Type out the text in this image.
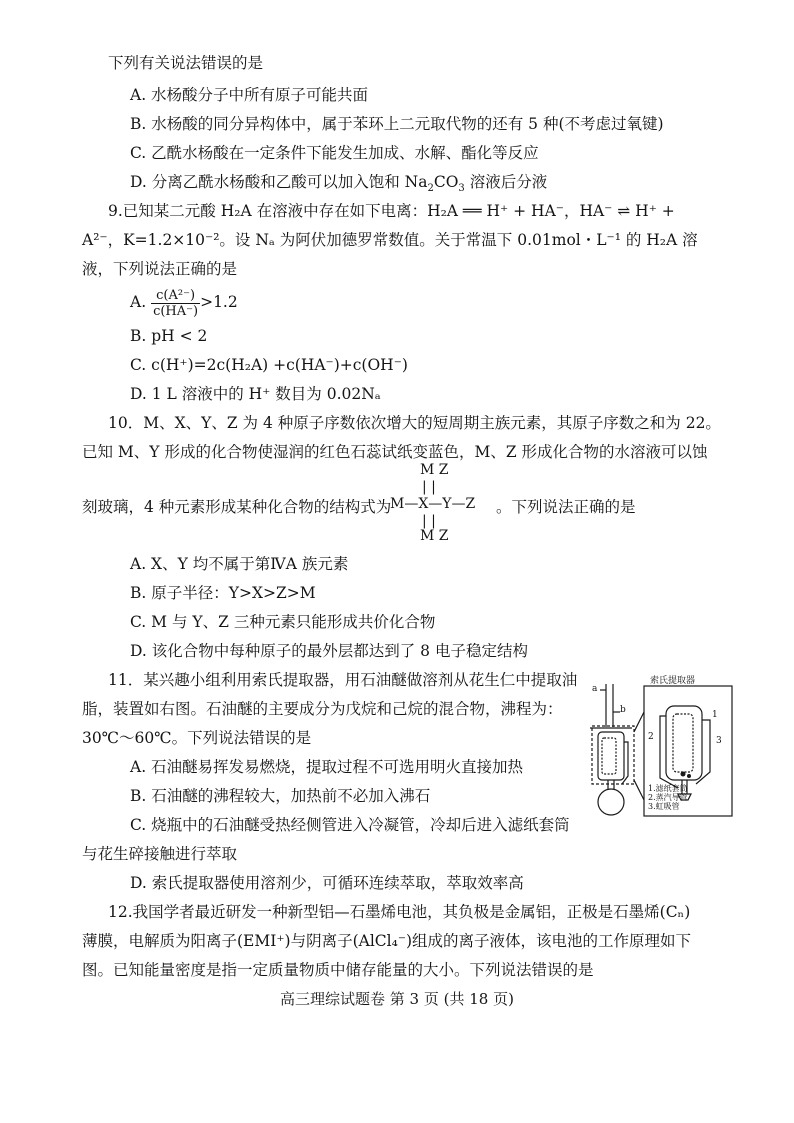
下列有关说法错误的是
A. 水杨酸分子中所有原子可能共面
B. 水杨酸的同分异构体中，属于苯环上二元取代物的还有 5 种(不考虑过氧键)
C. 乙酰水杨酸在一定条件下能发生加成、水解、酯化等反应
D. 分离乙酰水杨酸和乙酸可以加入饱和 $Na_2CO_3$ 溶液后分液
9.已知某二元酸 H₂A 在溶液中存在如下电离：H₂A ══ H⁺ + HA⁻，HA⁻ ⇌ H⁺ +
A²⁻，K=1.2×10⁻²。设 Nₐ 为阿伏加德罗常数值。关于常温下 0.01mol・L⁻¹ 的 H₂A 溶
液，下列说法正确的是
A. $\frac{\text{c(A²⁻)}}{c(HA^-)} >1.2$
B. pH < 2
C. c(H⁺)=2c(H₂A) +c(HA⁻)+c(OH⁻)
D. 1 L 溶液中的 H⁺ 数目为 0.02Nₐ
10．M、X、Y、Z 为 4 种原子序数依次增大的短周期主族元素，其原子序数之和为 22。
已知 M、Y 形成的化合物使湿润的红色石蕊试纸变蓝色，M、Z 形成化合物的水溶液可以蚀
刻玻璃，4 种元素形成某种化合物的结构式为
M Z
| |
M—X—Y—Z
| |
M Z
。下列说法正确的是
A. X、Y 均不属于第ⅣA 族元素
B. 原子半径：Y>X>Z>M
C. M 与 Y、Z 三种元素只能形成共价化合物
D. 该化合物中每种原子的最外层都达到了 8 电子稳定结构
11．某兴趣小组利用索氏提取器，用石油醚做溶剂从花生仁中提取油
脂，装置如右图。石油醚的主要成分为戊烷和己烷的混合物，沸程为：
30℃～60℃。下列说法错误的是
A. 石油醚易挥发易燃烧，提取过程不可选用明火直接加热
B. 石油醚的沸程较大，加热前不必加入沸石
C. 烧瓶中的石油醚受热经侧管进入冷凝管，冷却后进入滤纸套筒
与花生碎接触进行萃取
D. 索氏提取器使用溶剂少，可循环连续萃取，萃取效率高
索氏提取器
a
b	1
2	3
1.滤纸套筒
2.蒸汽导管
3.虹吸管
12.我国学者最近研发一种新型铝—石墨烯电池，其负极是金属铝，正极是石墨烯(Cₙ)
薄膜，电解质为阳离子(EMI⁺)与阴离子(AlCl₄⁻)组成的离子液体，该电池的工作原理如下
图。已知能量密度是指一定质量物质中储存能量的大小。下列说法错误的是
高三理综试题卷 第 3 页 (共 18 页)
